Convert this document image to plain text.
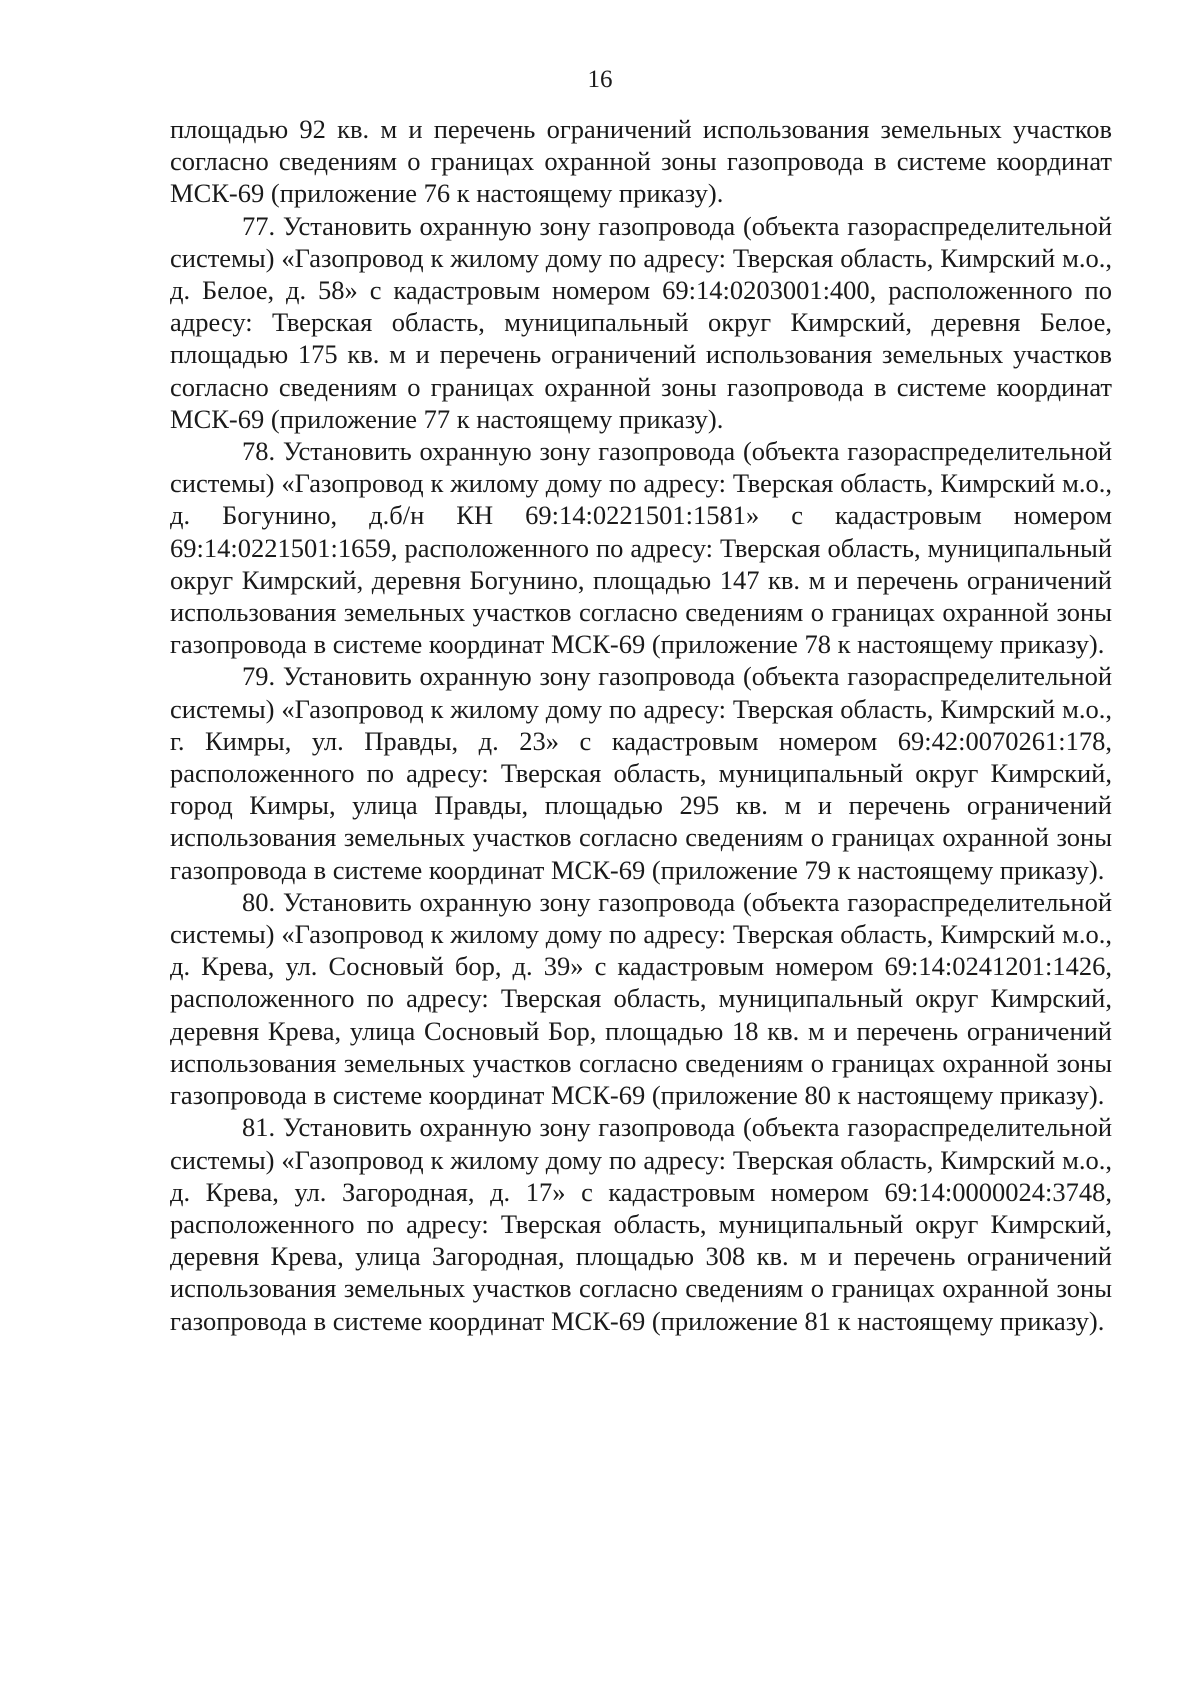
16

площадью 92 кв. м и перечень ограничений использования земельных участков согласно сведениям о границах охранной зоны газопровода в системе координат МСК-69 (приложение 76 к настоящему приказу).

77. Установить охранную зону газопровода (объекта газораспределительной системы) «Газопровод к жилому дому по адресу: Тверская область, Кимрский м.о., д. Белое, д. 58» с кадастровым номером 69:14:0203001:400, расположенного по адресу: Тверская область, муниципальный округ Кимрский, деревня Белое, площадью 175 кв. м и перечень ограничений использования земельных участков согласно сведениям о границах охранной зоны газопровода в системе координат МСК-69 (приложение 77 к настоящему приказу).

78. Установить охранную зону газопровода (объекта газораспределительной системы) «Газопровод к жилому дому по адресу: Тверская область, Кимрский м.о., д. Богунино, д.б/н КН 69:14:0221501:1581» с кадастровым номером 69:14:0221501:1659, расположенного по адресу: Тверская область, муниципальный округ Кимрский, деревня Богунино, площадью 147 кв. м и перечень ограничений использования земельных участков согласно сведениям о границах охранной зоны газопровода в системе координат МСК-69 (приложение 78 к настоящему приказу).

79. Установить охранную зону газопровода (объекта газораспределительной системы) «Газопровод к жилому дому по адресу: Тверская область, Кимрский м.о., г. Кимры, ул. Правды, д. 23» с кадастровым номером 69:42:0070261:178, расположенного по адресу: Тверская область, муниципальный округ Кимрский, город Кимры, улица Правды, площадью 295 кв. м и перечень ограничений использования земельных участков согласно сведениям о границах охранной зоны газопровода в системе координат МСК-69 (приложение 79 к настоящему приказу).

80. Установить охранную зону газопровода (объекта газораспределительной системы) «Газопровод к жилому дому по адресу: Тверская область, Кимрский м.о., д. Крева, ул. Сосновый бор, д. 39» с кадастровым номером 69:14:0241201:1426, расположенного по адресу: Тверская область, муниципальный округ Кимрский, деревня Крева, улица Сосновый Бор, площадью 18 кв. м и перечень ограничений использования земельных участков согласно сведениям о границах охранной зоны газопровода в системе координат МСК-69 (приложение 80 к настоящему приказу).

81. Установить охранную зону газопровода (объекта газораспределительной системы) «Газопровод к жилому дому по адресу: Тверская область, Кимрский м.о., д. Крева, ул. Загородная, д. 17» с кадастровым номером 69:14:0000024:3748, расположенного по адресу: Тверская область, муниципальный округ Кимрский, деревня Крева, улица Загородная, площадью 308 кв. м и перечень ограничений использования земельных участков согласно сведениям о границах охранной зоны газопровода в системе координат МСК-69 (приложение 81 к настоящему приказу).
